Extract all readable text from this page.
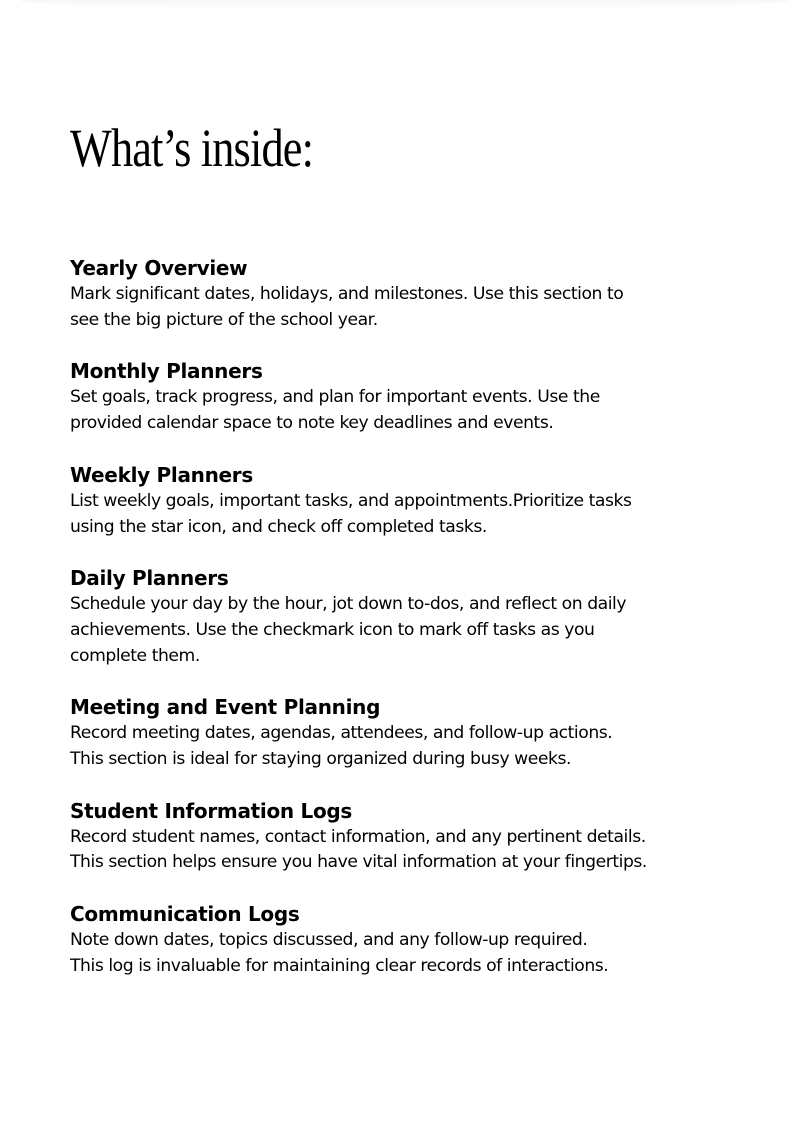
What’s inside:
Yearly Overview

Mark significant dates, holidays, and milestones. Use this section to
see the big picture of the school year.

Monthly Planners

Set goals, track progress, and plan for important events. Use the
provided calendar space to note key deadlines and events.

Weekly Planners

List weekly goals, important tasks, and appointments.Prioritize tasks
using the star icon, and check off completed tasks.

Daily Planners

Schedule your day by the hour, jot down to-dos, and reflect on daily
achievements. Use the checkmark icon to mark off tasks as you
complete them.

Meeting and Event Planning

Record meeting dates, agendas, attendees, and follow-up actions.
This section is ideal for staying organized during busy weeks.

Student Information Logs

Record student names, contact information, and any pertinent details.
This section helps ensure you have vital information at your fingertips.

Communication Logs

Note down dates, topics discussed, and any follow-up required.
This log is invaluable for maintaining clear records of interactions.
